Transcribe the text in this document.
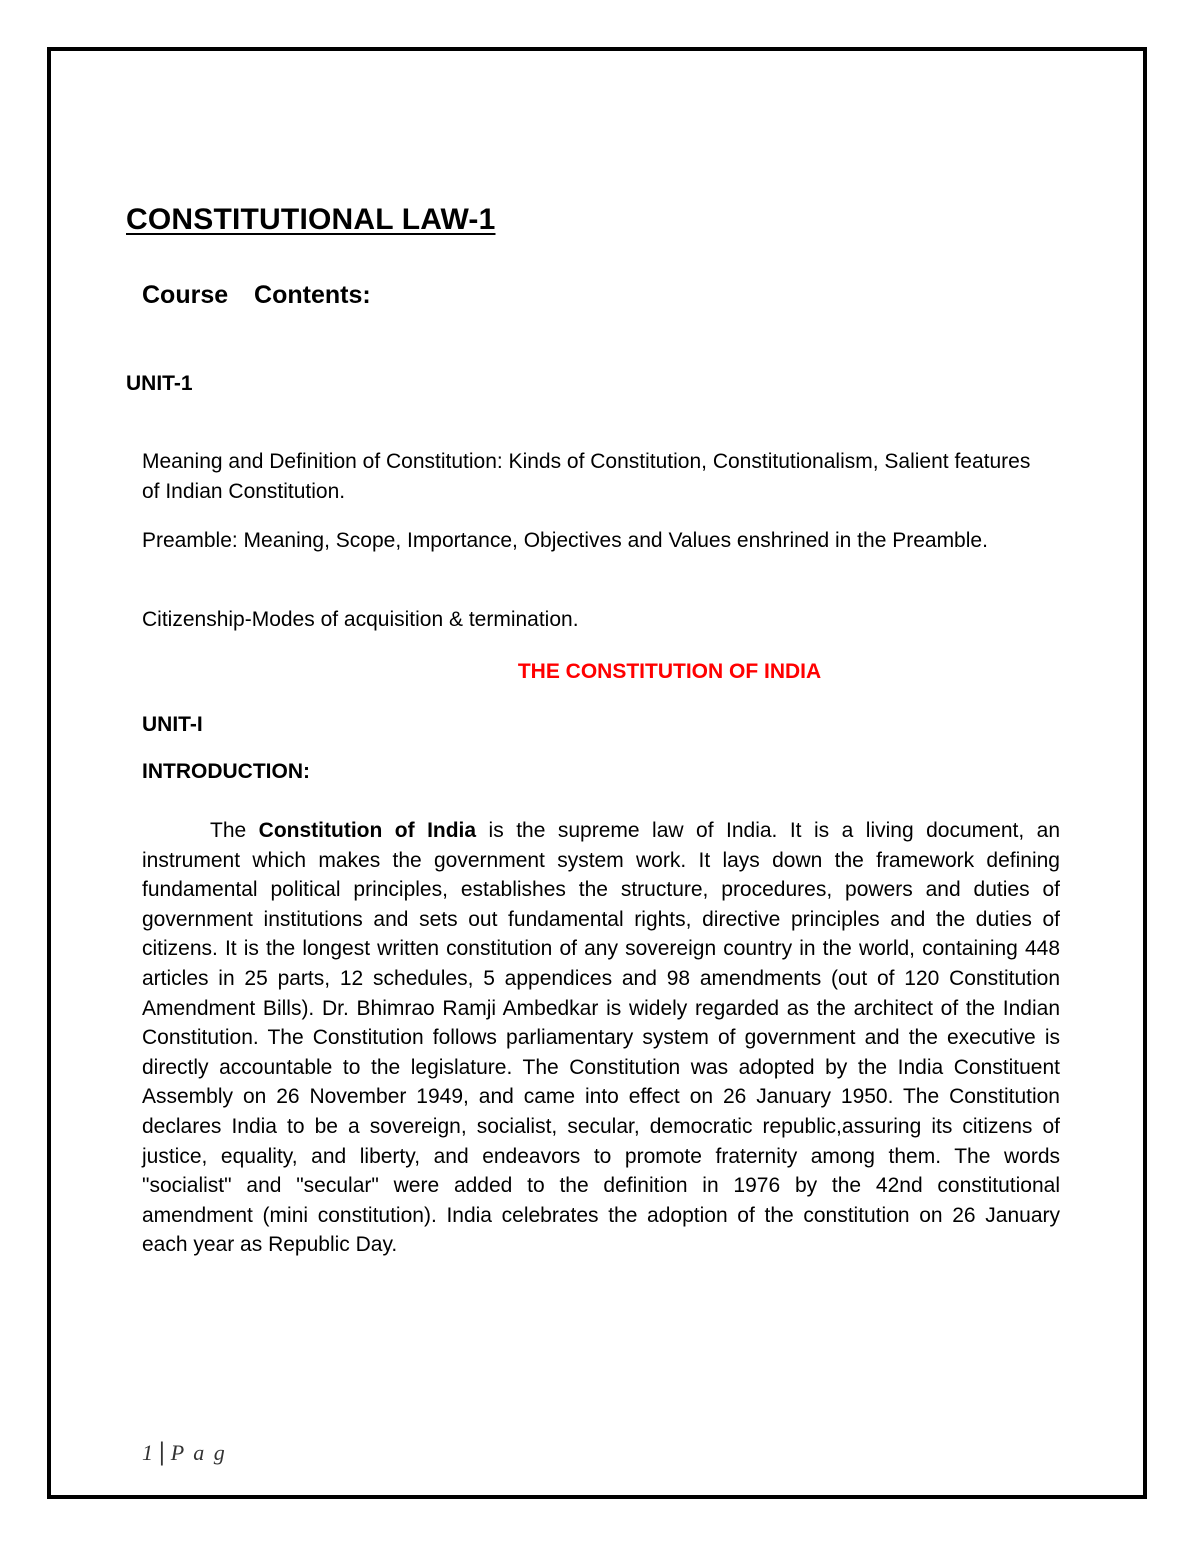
CONSTITUTIONAL LAW-1
Course  Contents:
UNIT-1

Meaning and Definition of Constitution: Kinds of Constitution, Constitutionalism, Salient features of Indian Constitution.

Preamble: Meaning, Scope, Importance, Objectives and Values enshrined in the Preamble.

Citizenship-Modes of acquisition & termination.

THE CONSTITUTION OF INDIA
UNIT-I
INTRODUCTION:

The Constitution of India is the supreme law of India. It is a living document, an instrument which makes the government system work. It lays down the framework defining fundamental political principles, establishes the structure, procedures, powers and duties of government institutions and sets out fundamental rights, directive principles and the duties of citizens. It is the longest written constitution of any sovereign country in the world, containing 448 articles in 25 parts, 12 schedules, 5 appendices and 98 amendments (out of 120 Constitution Amendment Bills). Dr. Bhimrao Ramji Ambedkar is widely regarded as the architect of the Indian Constitution. The Constitution follows parliamentary system of government and the executive is directly accountable to the legislature. The Constitution was adopted by the India Constituent Assembly on 26 November 1949, and came into effect on 26 January 1950. The Constitution declares India to be a sovereign, socialist, secular, democratic republic,assuring its citizens of justice, equality, and liberty, and endeavors to promote fraternity among them. The words "socialist" and "secular" were added to the definition in 1976 by the 42nd constitutional amendment (mini constitution). India celebrates the adoption of the constitution on 26 January each year as Republic Day.

1 | P a g
